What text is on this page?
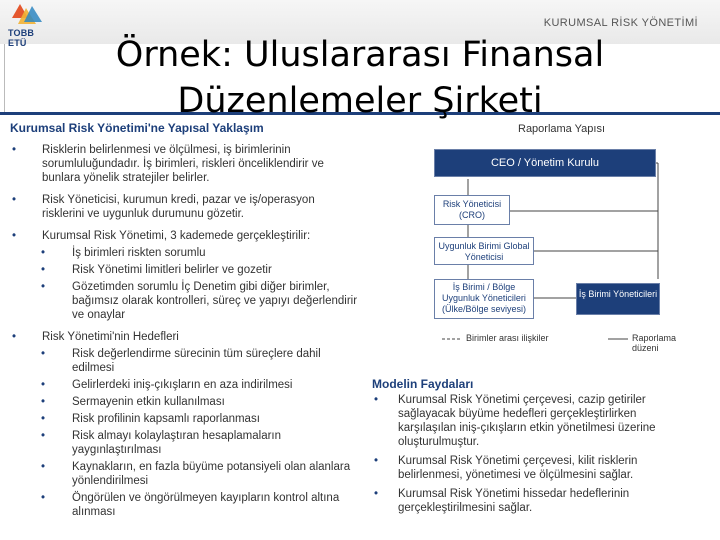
TOBB ETÜ
KURUMSAL RİSK YÖNETİMİ
Örnek: Uluslararası Finansal
Düzenlemeler Şirketi
Kurumsal Risk Yönetimi'ne Yapısal Yaklaşım
• Risklerin belirlenmesi ve ölçülmesi, iş birimlerinin sorumluluğundadır. İş birimleri, riskleri önceliklendirir ve bunlara yönelik stratejiler belirler.
• Risk Yöneticisi, kurumun kredi, pazar ve iş/operasyon risklerini ve uygunluk durumunu gözetir.
• Kurumsal Risk Yönetimi, 3 kademede gerçekleştirilir:
• İş birimleri riskten sorumlu
• Risk Yönetimi limitleri belirler ve gozetir
• Gözetimden sorumlu İç Denetim gibi diğer birimler, bağımsız olarak kontrolleri, süreç ve yapıyı değerlendirir ve onaylar
• Risk Yönetimi'nin Hedefleri
• Risk değerlendirme sürecinin tüm süreçlere dahil edilmesi
• Gelirlerdeki iniş-çıkışların en aza indirilmesi
• Sermayenin etkin kullanılması
• Risk profilinin kapsamlı raporlanması
• Risk almayı kolaylaştıran hesaplamaların yaygınlaştırılması
• Kaynakların, en fazla büyüme potansiyeli olan alanlara yönlendirilmesi
• Öngörülen ve öngörülmeyen kayıpların kontrol altına alınması
Raporlama Yapısı
CEO / Yönetim Kurulu
Risk Yöneticisi (CRO)
Uygunluk Birimi Global Yöneticisi
İş Birimi / Bölge Uygunluk Yöneticileri (Ülke/Bölge seviyesi)
İş Birimi Yöneticileri
Birimler arası ilişkiler	Raporlama düzeni
Modelin Faydaları
• Kurumsal Risk Yönetimi çerçevesi, cazip getiriler sağlayacak büyüme hedefleri gerçekleştirlirken karşılaşılan iniş-çıkışların etkin yönetilmesi üzerine oluşturulmuştur.
• Kurumsal Risk Yönetimi çerçevesi, kilit risklerin belirlenmesi, yönetimesi ve ölçülmesini sağlar.
• Kurumsal Risk Yönetimi hissedar hedeflerinin gerçekleştirilmesini sağlar.
